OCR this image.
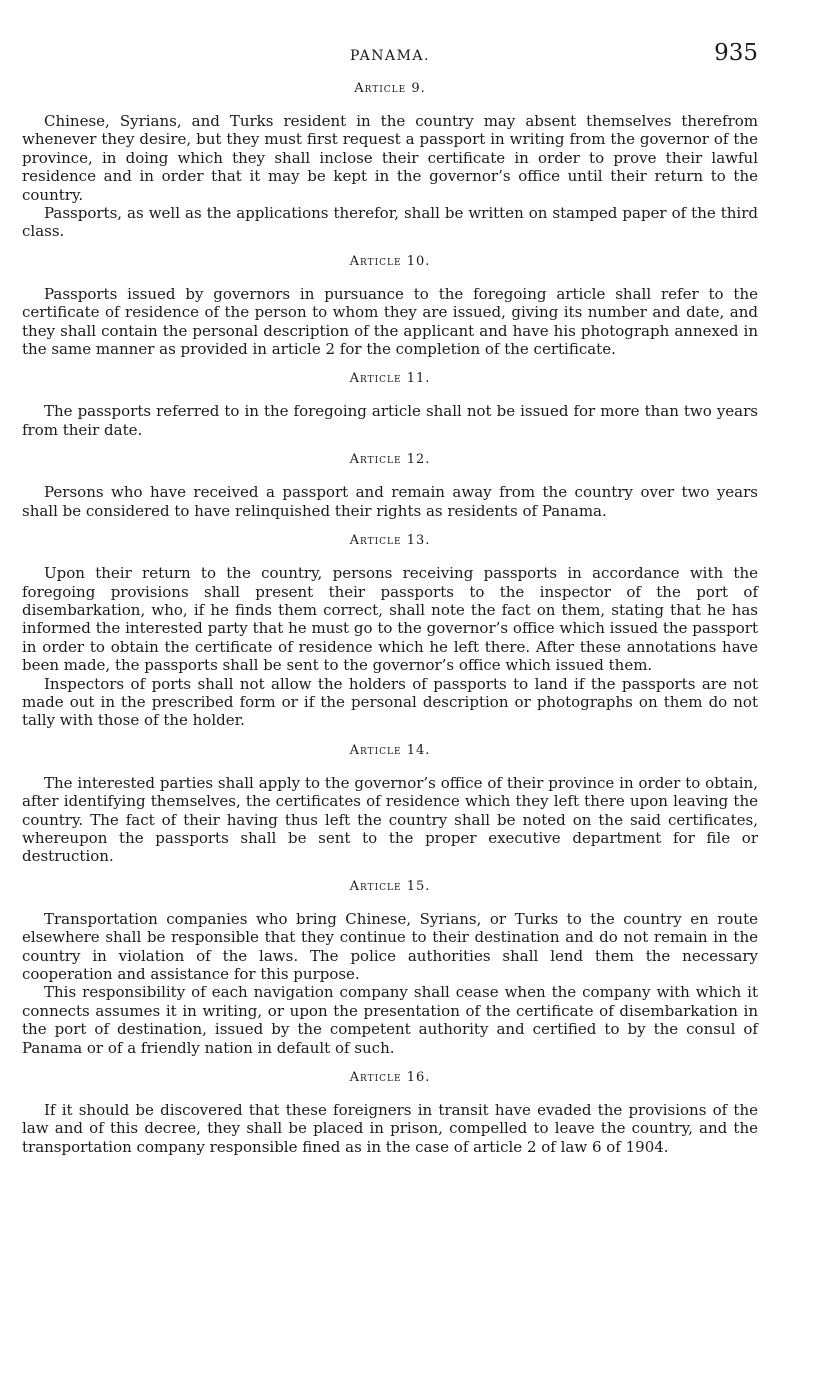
PANAMA.	935
Article 9.

Chinese, Syrians, and Turks resident in the country may absent themselves therefrom whenever they desire, but they must first request a passport in writing from the governor of the province, in doing which they shall inclose their certificate in order to prove their lawful residence and in order that it may be kept in the governor’s office until their return to the country.

Passports, as well as the applications therefor, shall be written on stamped paper of the third class.

Article 10.

Passports issued by governors in pursuance to the foregoing article shall refer to the certificate of residence of the person to whom they are issued, giving its number and date, and they shall contain the personal description of the applicant and have his photograph annexed in the same manner as provided in article 2 for the completion of the certificate.

Article 11.

The passports referred to in the foregoing article shall not be issued for more than two years from their date.

Article 12.

Persons who have received a passport and remain away from the country over two years shall be considered to have relinquished their rights as residents of Panama.

Article 13.

Upon their return to the country, persons receiving passports in accordance with the foregoing provisions shall present their passports to the inspector of the port of disembarkation, who, if he finds them correct, shall note the fact on them, stating that he has informed the interested party that he must go to the governor’s office which issued the passport in order to obtain the certificate of residence which he left there. After these annotations have been made, the passports shall be sent to the governor’s office which issued them.

Inspectors of ports shall not allow the holders of passports to land if the passports are not made out in the prescribed form or if the personal description or photographs on them do not tally with those of the holder.

Article 14.

The interested parties shall apply to the governor’s office of their province in order to obtain, after identifying themselves, the certificates of residence which they left there upon leaving the country. The fact of their having thus left the country shall be noted on the said certificates, whereupon the passports shall be sent to the proper executive department for file or destruction.

Article 15.

Transportation companies who bring Chinese, Syrians, or Turks to the country en route elsewhere shall be responsible that they continue to their destination and do not remain in the country in violation of the laws. The police authorities shall lend them the necessary cooperation and assistance for this purpose.

This responsibility of each navigation company shall cease when the company with which it connects assumes it in writing, or upon the presentation of the certificate of disembarkation in the port of destination, issued by the competent authority and certified to by the consul of Panama or of a friendly nation in default of such.

Article 16.

If it should be discovered that these foreigners in transit have evaded the provisions of the law and of this decree, they shall be placed in prison, compelled to leave the country, and the transportation company responsible fined as in the case of article 2 of law 6 of 1904.
